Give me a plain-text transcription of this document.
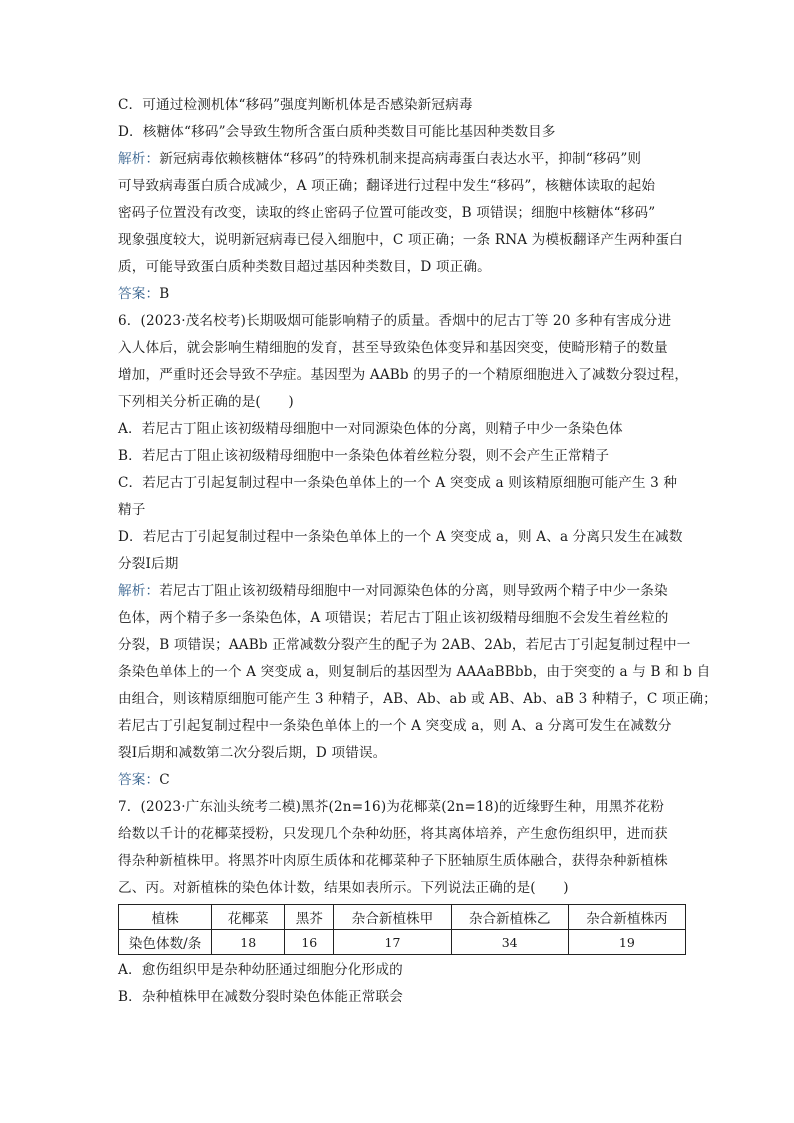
C．可通过检测机体“移码”强度判断机体是否感染新冠病毒
D．核糖体“移码”会导致生物所含蛋白质种类数目可能比基因种类数目多
解析：新冠病毒依赖核糖体“移码”的特殊机制来提高病毒蛋白表达水平，抑制“移码”则
可导致病毒蛋白质合成减少，A 项正确；翻译进行过程中发生“移码”，核糖体读取的起始
密码子位置没有改变，读取的终止密码子位置可能改变，B 项错误；细胞中核糖体“移码”
现象强度较大，说明新冠病毒已侵入细胞中，C 项正确；一条 RNA 为模板翻译产生两种蛋白
质，可能导致蛋白质种类数目超过基因种类数目，D 项正确。
答案：B
6．(2023·茂名校考)长期吸烟可能影响精子的质量。香烟中的尼古丁等 20 多种有害成分进
入人体后，就会影响生精细胞的发育，甚至导致染色体变异和基因突变，使畸形精子的数量
增加，严重时还会导致不孕症。基因型为 AABb 的男子的一个精原细胞进入了减数分裂过程，
下列相关分析正确的是(　　)
A．若尼古丁阻止该初级精母细胞中一对同源染色体的分离，则精子中少一条染色体
B．若尼古丁阻止该初级精母细胞中一条染色体着丝粒分裂，则不会产生正常精子
C．若尼古丁引起复制过程中一条染色单体上的一个 A 突变成 a 则该精原细胞可能产生 3 种
精子
D．若尼古丁引起复制过程中一条染色单体上的一个 A 突变成 a，则 A、a 分离只发生在减数
分裂Ⅰ后期
解析：若尼古丁阻止该初级精母细胞中一对同源染色体的分离，则导致两个精子中少一条染
色体，两个精子多一条染色体，A 项错误；若尼古丁阻止该初级精母细胞不会发生着丝粒的
分裂，B 项错误；AABb 正常减数分裂产生的配子为 2AB、2Ab，若尼古丁引起复制过程中一
条染色单体上的一个 A 突变成 a，则复制后的基因型为 AAAaBBbb，由于突变的 a 与 B 和 b 自
由组合，则该精原细胞可能产生 3 种精子，AB、Ab、ab 或 AB、Ab、aB 3 种精子，C 项正确；
若尼古丁引起复制过程中一条染色单体上的一个 A 突变成 a，则 A、a 分离可发生在减数分
裂Ⅰ后期和减数第二次分裂后期，D 项错误。
答案：C
7．(2023·广东汕头统考二模)黑芥(2n=16)为花椰菜(2n=18)的近缘野生种，用黑芥花粉
给数以千计的花椰菜授粉，只发现几个杂种幼胚，将其离体培养，产生愈伤组织甲，进而获
得杂种新植株甲。将黑芥叶肉原生质体和花椰菜种子下胚轴原生质体融合，获得杂种新植株
乙、丙。对新植株的染色体计数，结果如表所示。下列说法正确的是(　　)
植株	花椰菜	黑芥	杂合新植株甲	杂合新植株乙	杂合新植株丙
染色体数/条	18	16	17	34	19
A．愈伤组织甲是杂种幼胚通过细胞分化形成的
B．杂种植株甲在减数分裂时染色体能正常联会
